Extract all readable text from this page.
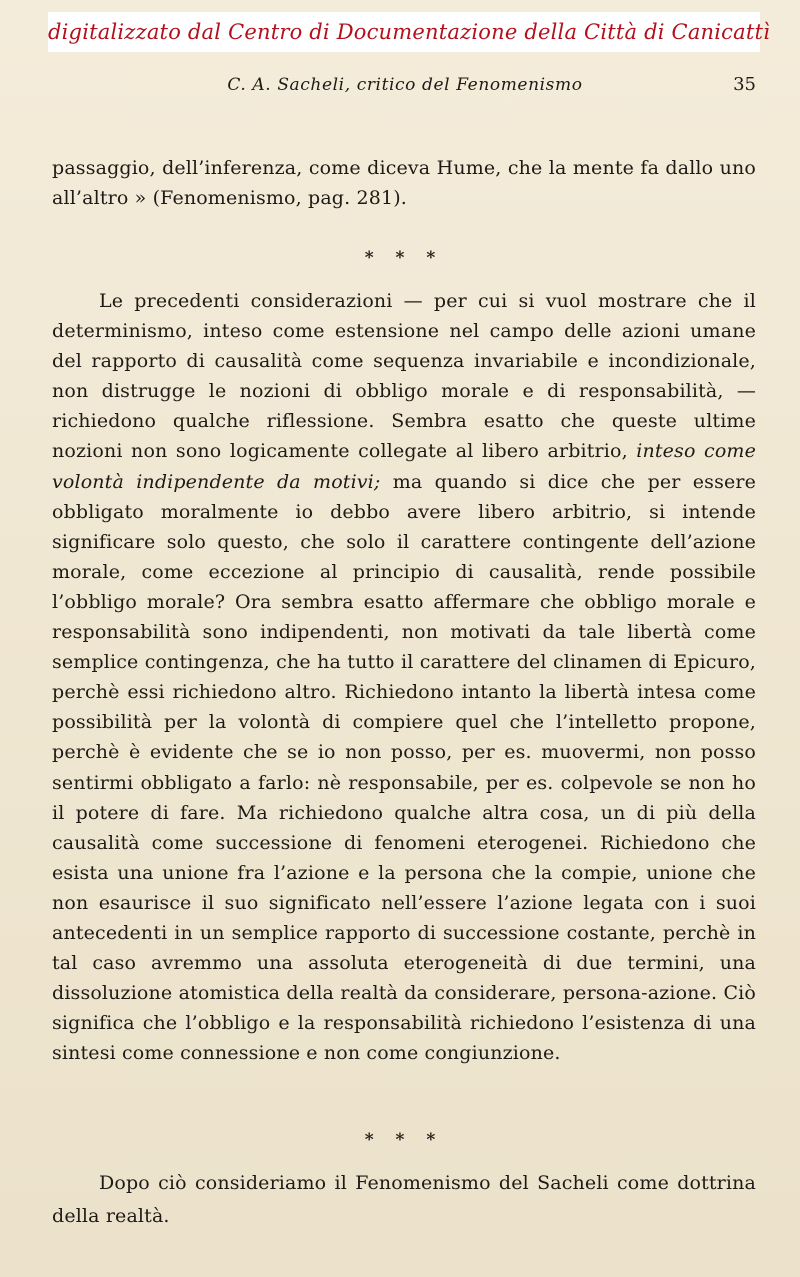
digitalizzato dal Centro di Documentazione della Città di Canicattì
C. A. Sacheli, critico del Fenomenismo	35

passaggio, dell’inferenza, come diceva Hume, che la mente fa dallo uno all’altro » (Fenomenismo, pag. 281).

* * *

Le precedenti considerazioni — per cui si vuol mostrare che il determinismo, inteso come estensione nel campo delle azioni umane del rapporto di causalità come sequenza invariabile e incondizionale, non distrugge le nozioni di obbligo morale e di responsabilità, — richiedono qualche riflessione. Sembra esatto che queste ultime nozioni non sono logicamente collegate al libero arbitrio, inteso come volontà indipendente da motivi; ma quando si dice che per essere obbligato moralmente io debbo avere libero arbitrio, si intende significare solo questo, che solo il carattere contingente dell’azione morale, come eccezione al principio di causalità, rende possibile l’obbligo morale? Ora sembra esatto affermare che obbligo morale e responsabilità sono indipendenti, non motivati da tale libertà come semplice contingenza, che ha tutto il carattere del clinamen di Epicuro, perchè essi richiedono altro. Richiedono intanto la libertà intesa come possibilità per la volontà di compiere quel che l’intelletto propone, perchè è evidente che se io non posso, per es. muovermi, non posso sentirmi obbligato a farlo: nè responsabile, per es. colpevole se non ho il potere di fare. Ma richiedono qualche altra cosa, un di più della causalità come successione di fenomeni eterogenei. Richiedono che esista una unione fra l’azione e la persona che la compie, unione che non esaurisce il suo significato nell’essere l’azione legata con i suoi antecedenti in un semplice rapporto di successione costante, perchè in tal caso avremmo una assoluta eterogeneità di due termini, una dissoluzione atomistica della realtà da considerare, persona-azione. Ciò significa che l’obbligo e la responsabilità richiedono l’esistenza di una sintesi come connessione e non come congiunzione.

* * *

Dopo ciò consideriamo il Fenomenismo del Sacheli come dottrina della realtà.
